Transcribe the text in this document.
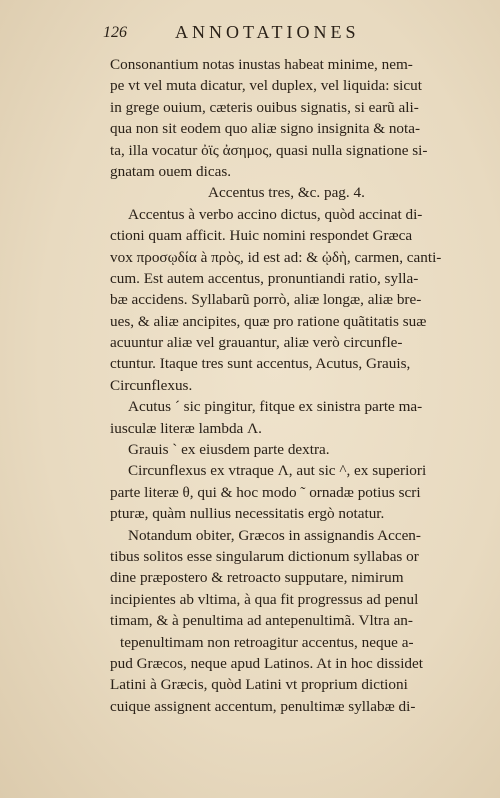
126	ANNOTATIONES
Consonantium notas inustas habeat minime, nem-
pe vt vel muta dicatur, vel duplex, vel liquida: sicut
in grege ouium, cæteris ouibus signatis, si earũ ali-
qua non sit eodem quo aliæ signo insignita & nota-
ta, illa vocatur ὀϊς ἀσημος, quasi nulla signatione si-
gnatam ouem dicas.
Accentus tres, &c. pag. 4.
Accentus à verbo accino dictus, quòd accinat di-
ctioni quam afficit. Huic nomini respondet Græca
vox προσῳδία à πρὸς, id est ad: & ᾠδὴ, carmen, canti-
cum. Est autem accentus, pronuntiandi ratio, sylla-
bæ accidens. Syllabarũ porrò, aliæ longæ, aliæ bre-
ues, & aliæ ancipites, quæ pro ratione quãtitatis suæ
acuuntur aliæ vel grauantur, aliæ verò circunfle-
ctuntur. Itaque tres sunt accentus, Acutus, Grauis,
Circunflexus.
Acutus ˊ sic pingitur, fitque ex sinistra parte ma-
iusculæ literæ lambda Λ.
Grauis ˋ ex eiusdem parte dextra.
Circunflexus ex vtraque Λ, aut sic ^, ex superiori
parte literæ θ, qui & hoc modo ˜ ornadæ potius scri
pturæ, quàm nullius necessitatis ergò notatur.
Notandum obiter, Græcos in assignandis Accen-
tibus solitos esse singularum dictionum syllabas or
dine præpostero & retroacto supputare, nimirum
incipientes ab vltima, à qua fit progressus ad penul
timam, & à penultima ad antepenultimã. Vltra an-
tepenultimam non retroagitur accentus, neque a-
pud Græcos, neque apud Latinos. At in hoc dissidet
Latini à Græcis, quòd Latini vt proprium dictioni
cuique assignent accentum, penultimæ syllabæ di-
